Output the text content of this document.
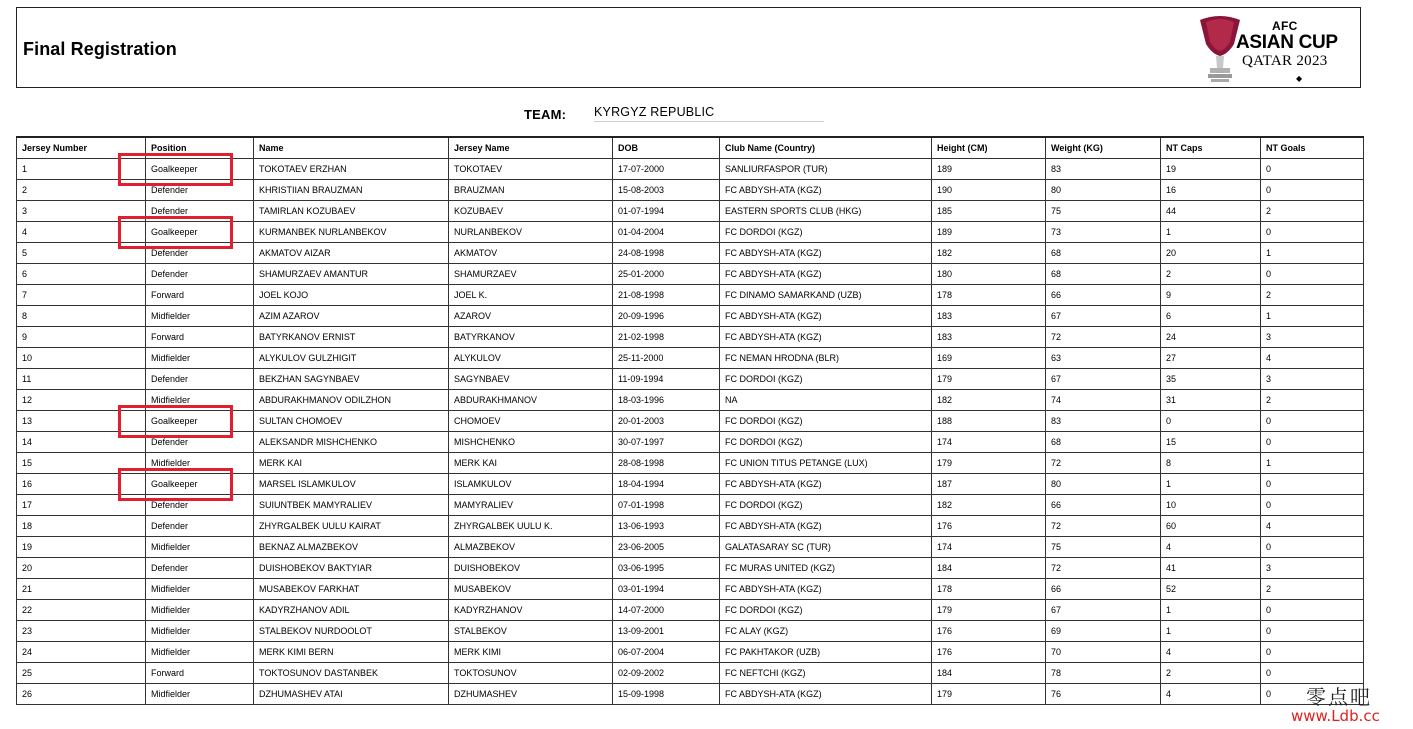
Final Registration
AFC
ASIAN CUP
QATAR 2023
◆
TEAM: KYRGYZ REPUBLIC
Jersey Number	Position	Name	Jersey Name	DOB	Club Name (Country)	Height (CM)	Weight (KG)	NT Caps	NT Goals
1	Goalkeeper	TOKOTAEV ERZHAN	TOKOTAEV	17-07-2000	SANLIURFASPOR (TUR)	189	83	19	0
2	Defender	KHRISTIIAN BRAUZMAN	BRAUZMAN	15-08-2003	FC ABDYSH-ATA (KGZ)	190	80	16	0
3	Defender	TAMIRLAN KOZUBAEV	KOZUBAEV	01-07-1994	EASTERN SPORTS CLUB (HKG)	185	75	44	2
4	Goalkeeper	KURMANBEK NURLANBEKOV	NURLANBEKOV	01-04-2004	FC DORDOI (KGZ)	189	73	1	0
5	Defender	AKMATOV AIZAR	AKMATOV	24-08-1998	FC ABDYSH-ATA (KGZ)	182	68	20	1
6	Defender	SHAMURZAEV AMANTUR	SHAMURZAEV	25-01-2000	FC ABDYSH-ATA (KGZ)	180	68	2	0
7	Forward	JOEL KOJO	JOEL K.	21-08-1998	FC DINAMO SAMARKAND (UZB)	178	66	9	2
8	Midfielder	AZIM AZAROV	AZAROV	20-09-1996	FC ABDYSH-ATA (KGZ)	183	67	6	1
9	Forward	BATYRKANOV ERNIST	BATYRKANOV	21-02-1998	FC ABDYSH-ATA (KGZ)	183	72	24	3
10	Midfielder	ALYKULOV GULZHIGIT	ALYKULOV	25-11-2000	FC NEMAN HRODNA (BLR)	169	63	27	4
11	Defender	BEKZHAN SAGYNBAEV	SAGYNBAEV	11-09-1994	FC DORDOI (KGZ)	179	67	35	3
12	Midfielder	ABDURAKHMANOV ODILZHON	ABDURAKHMANOV	18-03-1996	NA	182	74	31	2
13	Goalkeeper	SULTAN CHOMOEV	CHOMOEV	20-01-2003	FC DORDOI (KGZ)	188	83	0	0
14	Defender	ALEKSANDR MISHCHENKO	MISHCHENKO	30-07-1997	FC DORDOI (KGZ)	174	68	15	0
15	Midfielder	MERK KAI	MERK KAI	28-08-1998	FC UNION TITUS PETANGE (LUX)	179	72	8	1
16	Goalkeeper	MARSEL ISLAMKULOV	ISLAMKULOV	18-04-1994	FC ABDYSH-ATA (KGZ)	187	80	1	0
17	Defender	SUIUNTBEK MAMYRALIEV	MAMYRALIEV	07-01-1998	FC DORDOI (KGZ)	182	66	10	0
18	Defender	ZHYRGALBEK UULU KAIRAT	ZHYRGALBEK UULU K.	13-06-1993	FC ABDYSH-ATA (KGZ)	176	72	60	4
19	Midfielder	BEKNAZ ALMAZBEKOV	ALMAZBEKOV	23-06-2005	GALATASARAY SC (TUR)	174	75	4	0
20	Defender	DUISHOBEKOV BAKTYIAR	DUISHOBEKOV	03-06-1995	FC MURAS UNITED (KGZ)	184	72	41	3
21	Midfielder	MUSABEKOV FARKHAT	MUSABEKOV	03-01-1994	FC ABDYSH-ATA (KGZ)	178	66	52	2
22	Midfielder	KADYRZHANOV ADIL	KADYRZHANOV	14-07-2000	FC DORDOI (KGZ)	179	67	1	0
23	Midfielder	STALBEKOV NURDOOLOT	STALBEKOV	13-09-2001	FC ALAY (KGZ)	176	69	1	0
24	Midfielder	MERK KIMI BERN	MERK KIMI	06-07-2004	FC PAKHTAKOR (UZB)	176	70	4	0
25	Forward	TOKTOSUNOV DASTANBEK	TOKTOSUNOV	02-09-2002	FC NEFTCHI (KGZ)	184	78	2	0
26	Midfielder	DZHUMASHEV ATAI	DZHUMASHEV	15-09-1998	FC ABDYSH-ATA (KGZ)	179	76	4	0 零点吧
www.Ldb.cc
